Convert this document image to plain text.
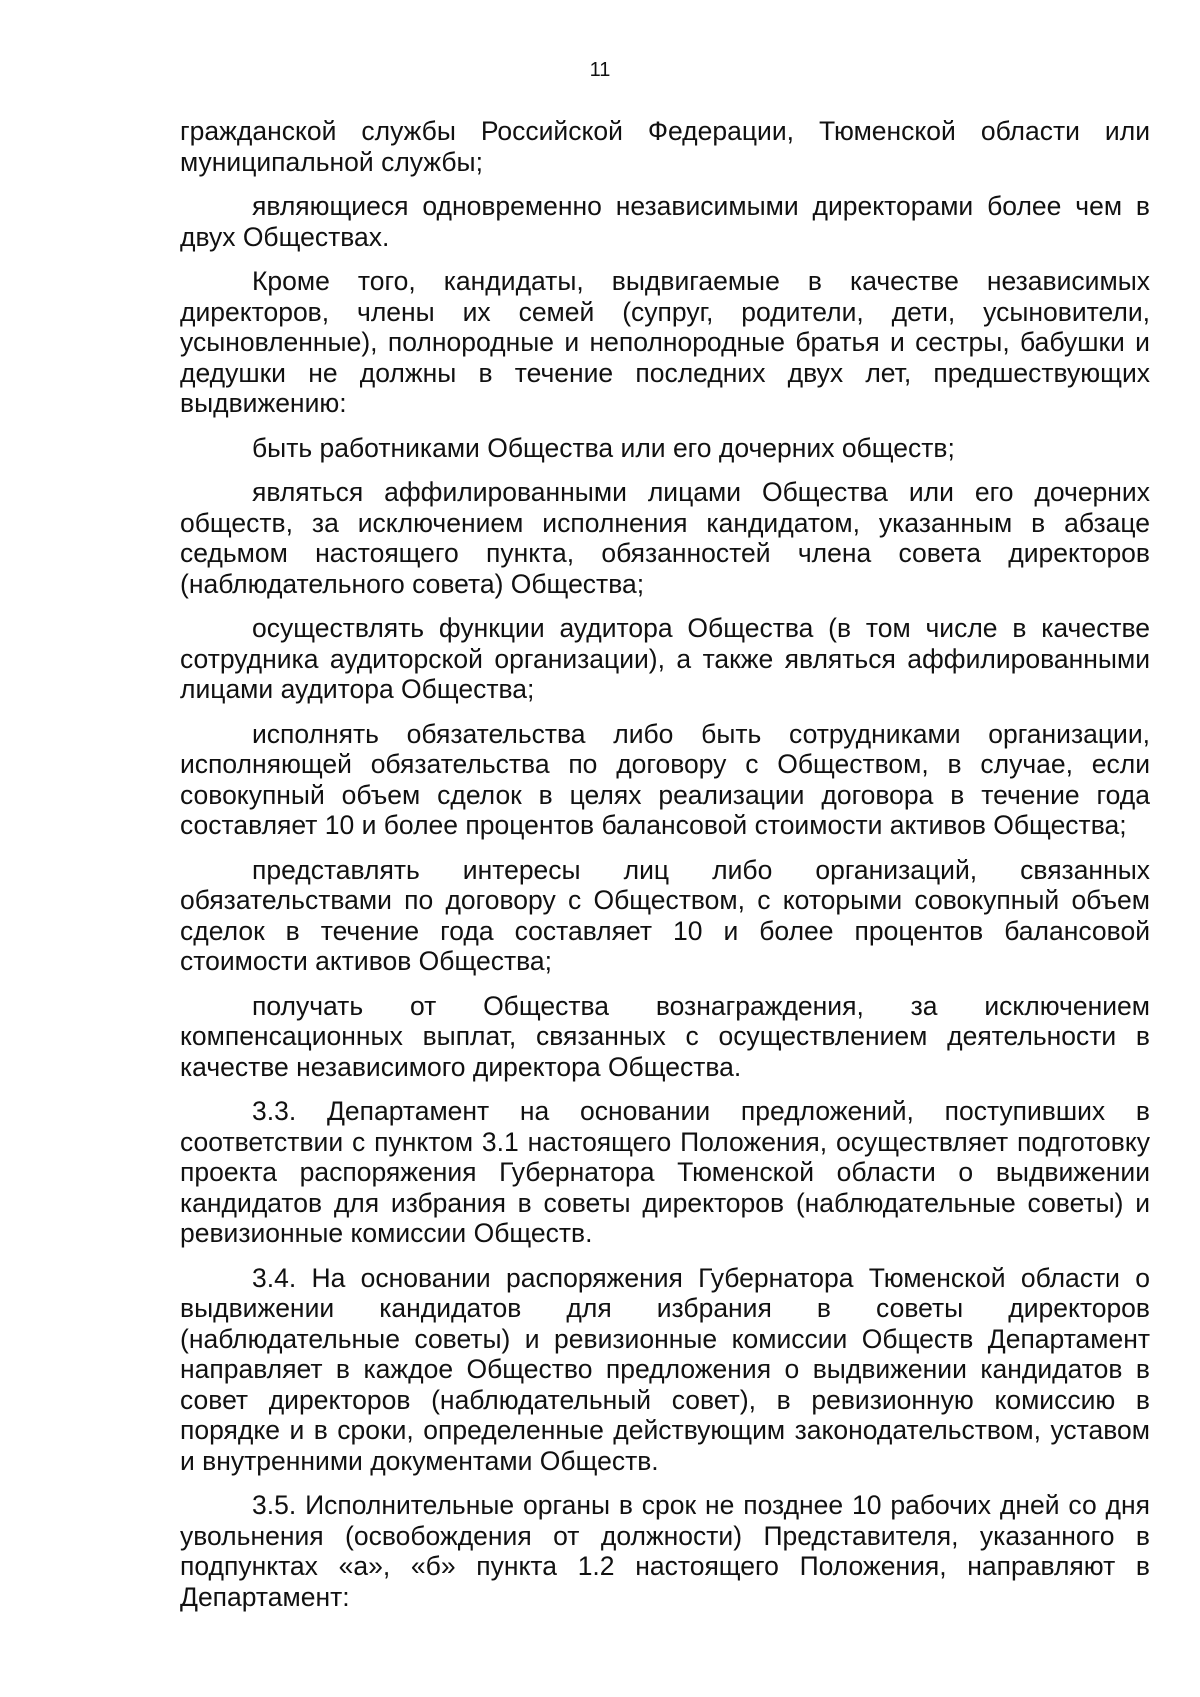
11

гражданской службы Российской Федерации, Тюменской области или муниципальной службы;

являющиеся одновременно независимыми директорами более чем в двух Обществах.

Кроме того, кандидаты, выдвигаемые в качестве независимых директоров, члены их семей (супруг, родители, дети, усыновители, усыновленные), полнородные и неполнородные братья и сестры, бабушки и дедушки не должны в течение последних двух лет, предшествующих выдвижению:

быть работниками Общества или его дочерних обществ;

являться аффилированными лицами Общества или его дочерних обществ, за исключением исполнения кандидатом, указанным в абзаце седьмом настоящего пункта, обязанностей члена совета директоров (наблюдательного совета) Общества;

осуществлять функции аудитора Общества (в том числе в качестве сотрудника аудиторской организации), а также являться аффилированными лицами аудитора Общества;

исполнять обязательства либо быть сотрудниками организации, исполняющей обязательства по договору с Обществом, в случае, если совокупный объем сделок в целях реализации договора в течение года составляет 10 и более процентов балансовой стоимости активов Общества;

представлять интересы лиц либо организаций, связанных обязательствами по договору с Обществом, с которыми совокупный объем сделок в течение года составляет 10 и более процентов балансовой стоимости активов Общества;

получать от Общества вознаграждения, за исключением компенсационных выплат, связанных с осуществлением деятельности в качестве независимого директора Общества.

3.3. Департамент на основании предложений, поступивших в соответствии с пунктом 3.1 настоящего Положения, осуществляет подготовку проекта распоряжения Губернатора Тюменской области о выдвижении кандидатов для избрания в советы директоров (наблюдательные советы) и ревизионные комиссии Обществ.

3.4. На основании распоряжения Губернатора Тюменской области о выдвижении кандидатов для избрания в советы директоров (наблюдательные советы) и ревизионные комиссии Обществ Департамент направляет в каждое Общество предложения о выдвижении кандидатов в совет директоров (наблюдательный совет), в ревизионную комиссию в порядке и в сроки, определенные действующим законодательством, уставом и внутренними документами Обществ.

3.5. Исполнительные органы в срок не позднее 10 рабочих дней со дня увольнения (освобождения от должности) Представителя, указанного в подпунктах «а», «б» пункта 1.2 настоящего Положения, направляют в Департамент:
